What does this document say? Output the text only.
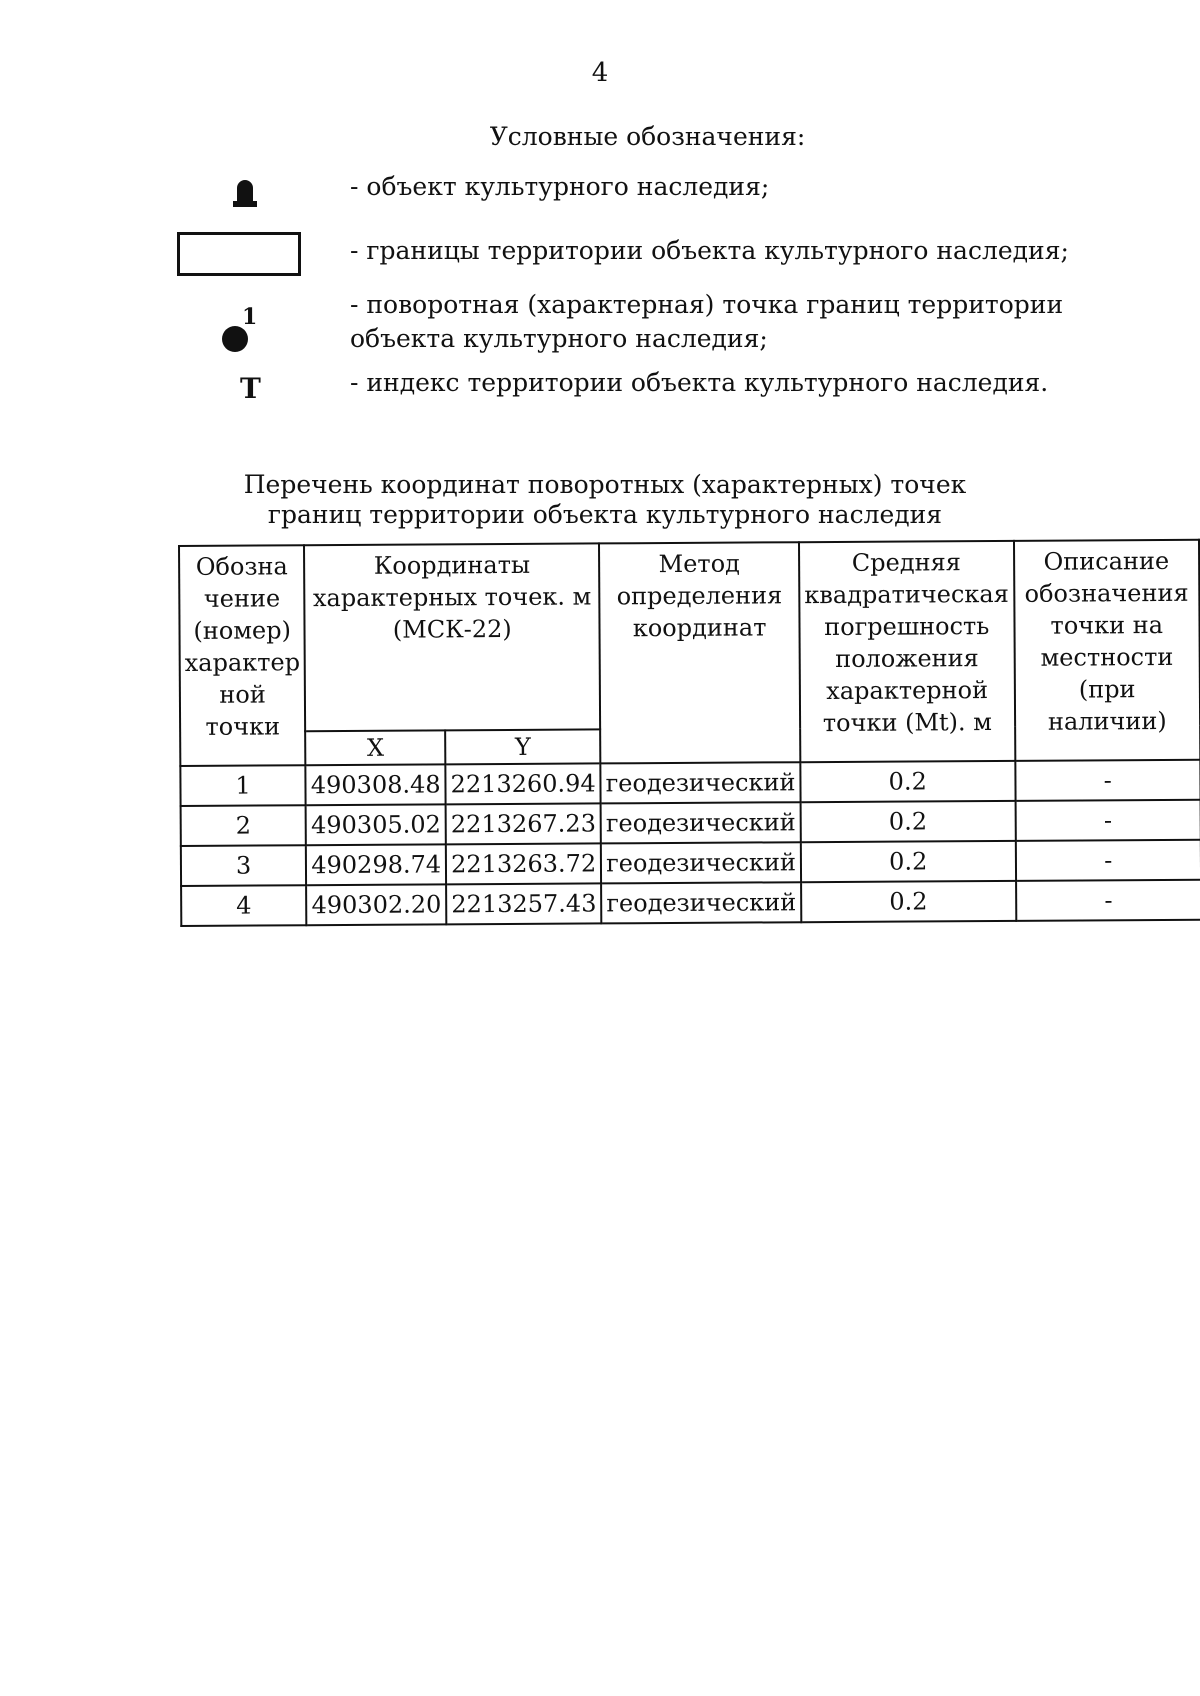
4
Условные обозначения:
- объект культурного наследия;
- границы территории объекта культурного наследия;
1	- поворотная (характерная) точка границ территории объекта культурного наследия;
Т	- индекс территории объекта культурного наследия.
Перечень координат поворотных (характерных) точек
границ территории объекта культурного наследия
Обозна чение (номер) характер ной точки	Координаты характерных точек. м (МСК-22)		Метод определения координат	Средняя квадратическая погрешность положения характерной точки (Mt). м	Описание обозначения точки на местности (при наличии)
	X	Y			
1	490308.48	2213260.94	геодезический	0.2	-
2	490305.02	2213267.23	геодезический	0.2	-
3	490298.74	2213263.72	геодезический	0.2	-
4	490302.20	2213257.43	геодезический	0.2	-
